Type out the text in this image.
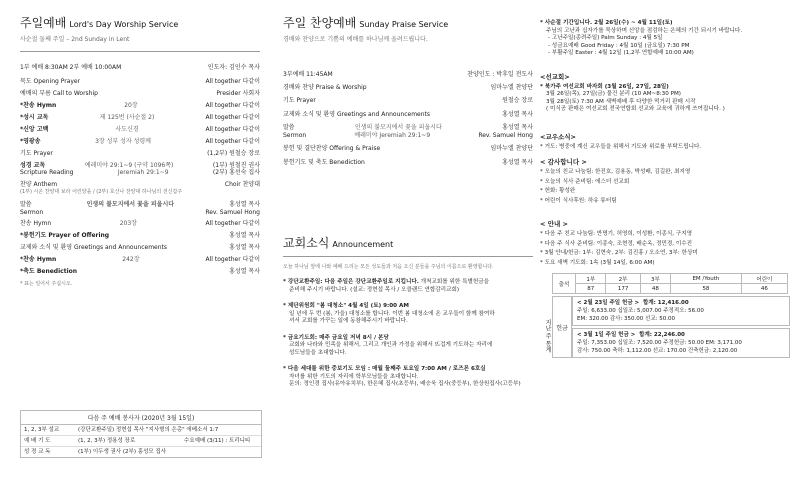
주일예배 Lord's Day Worship Service
사순절 둘째 주일 – 2nd Sunday in Lent
1부 예배 8:30AM 2부 예배 10:00AM	인도자: 김인수 목사
묵도 Opening Prayer	All together 다같이
예배의 부름 Call to Worship	Presider 사회자
*찬송 Hymn	20장	All together 다같이
*성시 교독	제 125번 (사순절 2)	All together 다같이
*신앙 고백	사도신경	All together 다같이
*영광송	3장 성부 성자 성령께	All together 다같이
기도 Prayer	(1,2부) 원철승 장로
성경 교독	예레미야 29:1~9 (구약 1096쪽)	(1부) 원철진 권사
Scripture Reading	Jeremiah 29:1~9	(2부) 홍선숙 집사
찬양 Anthem	Choir 찬양대
(1부) 시온 찬양대 보라 어린양을 / (2부) 호산나 찬양대 하나님의 전신갑주
말씀	인생의 불모지에서 꽃을 피웁시다	홍성열 목사
Sermon	Rev. Samuel Hong
찬송 Hymn	203장	All together 다같이
*봉헌기도 Prayer of Offering	홍성열 목사
교제와 소식 및 환영 Greetings and Announcements	홍성열 목사
*찬송 Hymn	242장	All together 다같이
*축도 Benediction	홍성열 목사
* 표는 일어서 주십시오.
다음 주 예배 봉사자 (2020년 3월 15일)
1, 2, 3부 설교	(강단교환주일) 정현섭 목사 "지사형의 은총" 에베소서 1:7
예 배 기 도	(1, 2, 3부) 정용성 장로	수요예배 (3/11) : 트리니티
성 경 교 독	(1부) 이두생 권사 (2부) 홍성모 집사
주일 찬양예배 Sunday Praise Service
경배와 찬양으로 기쁨의 예배를 하나님께 올려드립니다.
3부예배 11:45AM	찬양인도 : 박후일 전도사
경배와 찬양 Praise & Worship	임마누엘 찬양단
기도 Prayer	원철승 장로
교제와 소식 및 환영 Greetings and Announcements	홍성열 목사
말씀	인생의 불모지에서 꽃을 피웁시다	홍성열 목사
Sermon	예레미야 Jeremiah 29:1~9	Rev. Samuel Hong
봉헌 및 결단찬양 Offering & Praise	임마누엘 찬양단
봉헌기도 및 축도 Benediction	홍성열 목사
교회소식 Announcement
오늘 하나님 앞에 나와 예배 드리는 모든 성도들과 처음 오신 분들을 주님의 이름으로 환영합니다.
* 강단교환주일: 다음 주일은 강단교환주일로 지킵니다. 개척교회를 위한 특별헌금을
준비해 주시기 바랍니다. (설교: 정현섭 목사 / 오클랜드 연합감리교회)
* 제단위원회 "봄 대청소" 4월 4일 (토) 9:00 AM
일 년에 두 번 (봄, 가을) 대청소를 합니다. 이번 봄 대청소에 온 교우들이 함께 참여하
셔서 교회를 가꾸는 일에 동참해주시기 바랍니다.
* 금요기도회: 매주 금요일 저녁 8시 / 본당
교회와 나라와 민족을 위해서, 그리고 개인과 가정을 위해서 뜨겁게 기도하는 자리에
성도님들을 초대합니다.
* 다음 세대를 위한 중보기도 모임 : 매월 둘째주 토요일 7:00 AM / 로즈몬 6호실
자녀를 위한 기도의 자리에 학부모님들을 초대합니다.
문의: 정인경 집사(유아유치부), 한은혜 집사(초등부), 배승욱 집사(중등부), 한상원집사(고등부)
* 사순절 기간입니다. 2월 26일(수) ~ 4월 11일(토)
주님의 고난과 십자가를 묵상하며 신앙을 점검하는 은혜의 기간 되시기 바랍니다.
- 고난주일(종려주일) Palm Sunday : 4월 5일
- 성금요예배 Good Friday : 4월 10일 (금요일) 7:30 PM
- 부활주일 Easter : 4월 12일 (1,2부 연합예배 10:00 AM)
<선교회>
* 북가주 여선교회 바자회 (3월 26일, 27일, 28일)
3월 26일(목), 27일(금) 물건 분리 (10 AM~8:30 PM)
3월 28일(토) 7:30 AM 새벽예배 후 다양한 먹거리 판매 시작
( 미식공 판매은 여선교회 전국연합회 선교와 교육에 귀하게 쓰여집니다. )
<교우소식>
* 거도: 병중에 계신 교우들을 위해서 기도와 위로를 부탁드립니다.
< 감사합니다 >
* 오늘의 친교 나눔팀: 한진호, 김용동, 박성배, 김길완, 최지영
* 오늘의 식사 준비팀: 에스더 선교회
* 헌화: 황성완
* 어린이 식사후원: 하유 튜터팀
< 안내 >
* 다음 주 친교 나눔팀: 반명기, 허영희, 이성환, 이종식, 구지영
* 다음 주 식사 준비팀: 이종숙, 조현정, 배순옥, 정민경, 이수진
* 3월 안내/헌금: 1부: 김현숙, 2부: 김진홍 / 오소연, 3부: 한상미
* 도요 새벽 기도회: 1속 (3월 14일, 6:00 AM)
지난 주 통계
출석	1부	2부	3부	EM /Youth	어린이
	87	177	48	58	46
헌금
< 2월 23일 주일 헌금 > 합계: 12,416.00
주일: 6,633.00 십일조: 5,007.00 주정적오: 56.00
EM: 320.00 감사: 350.00 선교: 50.00
< 3월 1일 주일 헌금 > 합계: 22,246.00
주일: 7,353.00 십일조: 7,520.00 주정헌금: 50.00 EM: 3,171.00
감사: 750.00 축하: 1,112.00 선교: 170.00 건축헌금: 2,120.00
